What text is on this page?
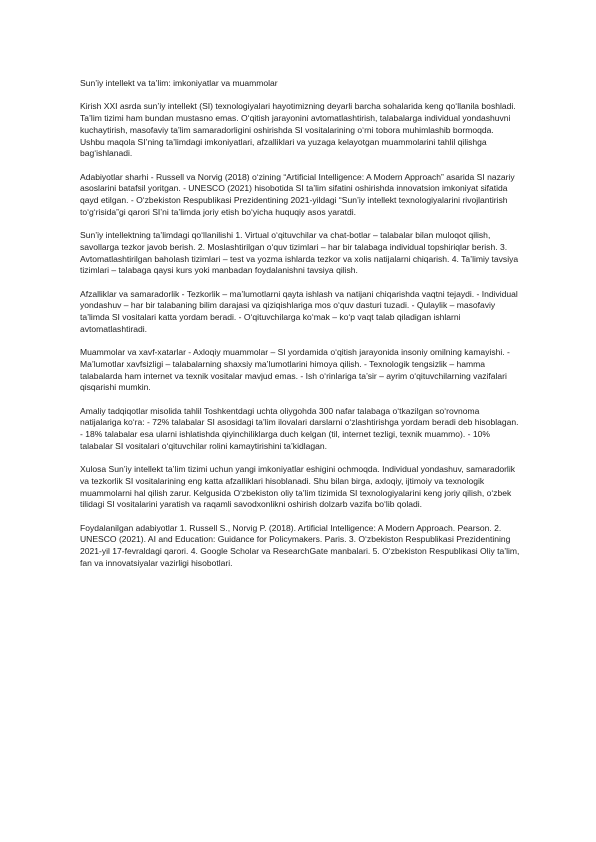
Sun’iy intellekt va ta’lim: imkoniyatlar va muammolar

Kirish XXI asrda sun’iy intellekt (SI) texnologiyalari hayotimizning deyarli barcha sohalarida keng qo‘llanila boshladi. Ta’lim tizimi ham bundan mustasno emas. O‘qitish jarayonini avtomatlashtirish, talabalarga individual yondashuvni kuchaytirish, masofaviy ta’lim samaradorligini oshirishda SI vositalarining o‘rni tobora muhimlashib bormoqda. Ushbu maqola SI’ning ta’limdagi imkoniyatlari, afzalliklari va yuzaga kelayotgan muammolarini tahlil qilishga bag‘ishlanadi.

Adabiyotlar sharhi - Russell va Norvig (2018) o‘zining “Artificial Intelligence: A Modern Approach” asarida SI nazariy asoslarini batafsil yoritgan. - UNESCO (2021) hisobotida SI ta’lim sifatini oshirishda innovatsion imkoniyat sifatida qayd etilgan. - O‘zbekiston Respublikasi Prezidentining 2021-yildagi “Sun’iy intellekt texnologiyalarini rivojlantirish to‘g‘risida”gi qarori SI’ni ta’limda joriy etish bo‘yicha huquqiy asos yaratdi.

Sun’iy intellektning ta’limdagi qo‘llanilishi 1. Virtual o‘qituvchilar va chat-botlar – talabalar bilan muloqot qilish, savollarga tezkor javob berish. 2. Moslashtirilgan o‘quv tizimlari – har bir talabaga individual topshiriqlar berish. 3. Avtomatlashtirilgan baholash tizimlari – test va yozma ishlarda tezkor va xolis natijalarni chiqarish. 4. Ta’limiy tavsiya tizimlari – talabaga qaysi kurs yoki manbadan foydalanishni tavsiya qilish.

Afzalliklar va samaradorlik - Tezkorlik – ma’lumotlarni qayta ishlash va natijani chiqarishda vaqtni tejaydi. - Individual yondashuv – har bir talabaning bilim darajasi va qiziqishlariga mos o‘quv dasturi tuzadi. - Qulaylik – masofaviy ta’limda SI vositalari katta yordam beradi. - O‘qituvchilarga ko‘mak – ko‘p vaqt talab qiladigan ishlarni avtomatlashtiradi.

Muammolar va xavf-xatarlar - Axloqiy muammolar – SI yordamida o‘qitish jarayonida insoniy omilning kamayishi. - Ma’lumotlar xavfsizligi – talabalarning shaxsiy ma’lumotlarini himoya qilish. - Texnologik tengsizlik – hamma talabalarda ham internet va texnik vositalar mavjud emas. - Ish o‘rinlariga ta’sir – ayrim o‘qituvchilarning vazifalari qisqarishi mumkin.

Amaliy tadqiqotlar misolida tahlil Toshkentdagi uchta oliygohda 300 nafar talabaga o‘tkazilgan so‘rovnoma natijalariga ko‘ra: - 72% talabalar SI asosidagi ta’lim ilovalari darslarni o‘zlashtirishga yordam beradi deb hisoblagan. - 18% talabalar esa ularni ishlatishda qiyinchiliklarga duch kelgan (til, internet tezligi, texnik muammo). - 10% talabalar SI vositalari o‘qituvchilar rolini kamaytirishini ta’kidlagan.

Xulosa Sun’iy intellekt ta’lim tizimi uchun yangi imkoniyatlar eshigini ochmoqda. Individual yondashuv, samaradorlik va tezkorlik SI vositalarining eng katta afzalliklari hisoblanadi. Shu bilan birga, axloqiy, ijtimoiy va texnologik muammolarni hal qilish zarur. Kelgusida O‘zbekiston oliy ta’lim tizimida SI texnologiyalarini keng joriy qilish, o‘zbek tilidagi SI vositalarini yaratish va raqamli savodxonlikni oshirish dolzarb vazifa bo‘lib qoladi.

Foydalanilgan adabiyotlar 1. Russell S., Norvig P. (2018). Artificial Intelligence: A Modern Approach. Pearson. 2. UNESCO (2021). AI and Education: Guidance for Policymakers. Paris. 3. O‘zbekiston Respublikasi Prezidentining 2021-yil 17-fevraldagi qarori. 4. Google Scholar va ResearchGate manbalari. 5. O‘zbekiston Respublikasi Oliy ta’lim, fan va innovatsiyalar vazirligi hisobotlari.
